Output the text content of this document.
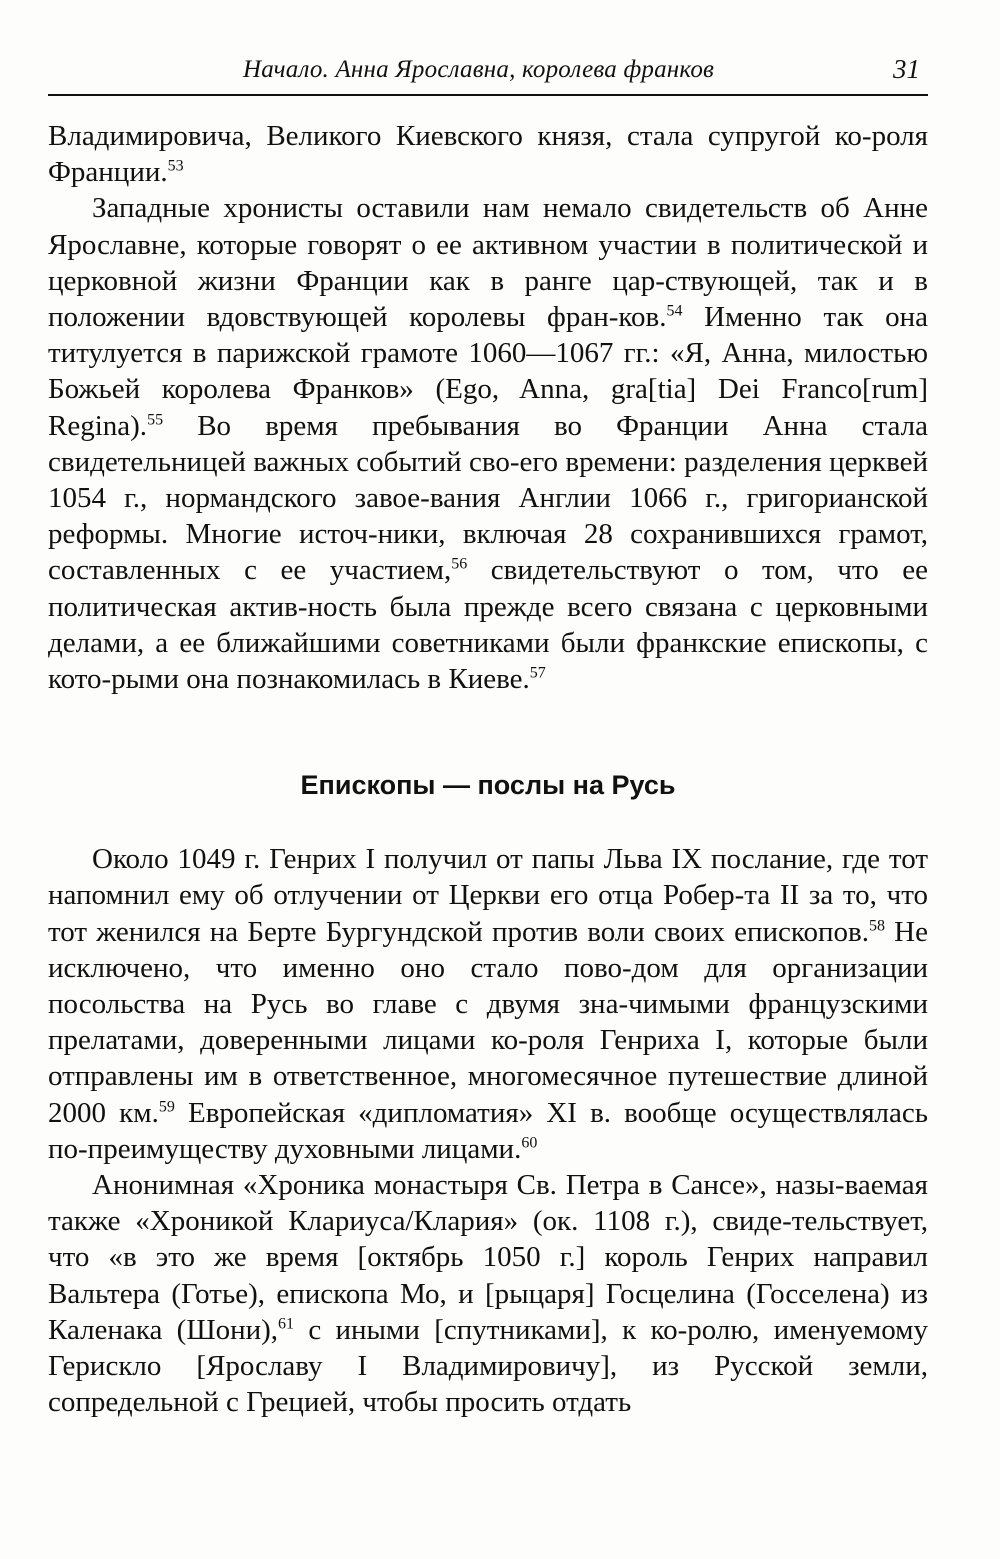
Начало. Анна Ярославна, королева франков	31

Владимировича, Великого Киевского князя, стала супругой ко-роля Франции.$^{53}$

Западные хронисты оставили нам немало свидетельств об Анне Ярославне, которые говорят о ее активном участии в политической и церковной жизни Франции как в ранге цар-ствующей, так и в положении вдовствующей королевы фран-ков.$^{54}$ Именно так она титулуется в парижской грамоте 1060—1067 гг.: «Я, Анна, милостью Божьей королева Франков» (Ego, Anna, gra[tia] Dei Franco[rum] Regina).$^{55}$ Во время пребывания во Франции Анна стала свидетельницей важных событий сво-его времени: разделения церквей 1054 г., нормандского завое-вания Англии 1066 г., григорианской реформы. Многие источ-ники, включая 28 сохранившихся грамот, составленных с ее участием,$^{56}$ свидетельствуют о том, что ее политическая актив-ность была прежде всего связана с церковными делами, а ее ближайшими советниками были франкские епископы, с кото-рыми она познакомилась в Киеве.$^{57}$

Епископы — послы на Русь

Около 1049 г. Генрих I получил от папы Льва IX послание, где тот напомнил ему об отлучении от Церкви его отца Робер-та II за то, что тот женился на Берте Бургундской против воли своих епископов.$^{58}$ Не исключено, что именно оно стало пово-дом для организации посольства на Русь во главе с двумя зна-чимыми французскими прелатами, доверенными лицами ко-роля Генриха I, которые были отправлены им в ответственное, многомесячное путешествие длиной 2000 км.$^{59}$ Европейская «дипломатия» XI в. вообще осуществлялась по-преимуществу духовными лицами.$^{60}$

Анонимная «Хроника монастыря Св. Петра в Сансе», назы-ваемая также «Хроникой Клариуса/Клария» (ок. 1108 г.), свиде-тельствует, что «в это же время [октябрь 1050 г.] король Генрих направил Вальтера (Готье), епископа Мо, и [рыцаря] Госцелина (Госселена) из Каленака (Шони),$^{61}$ с иными [спутниками], к ко-ролю, именуемому Герискло [Ярославу I Владимировичу], из Русской земли, сопредельной с Грецией, чтобы просить отдать
